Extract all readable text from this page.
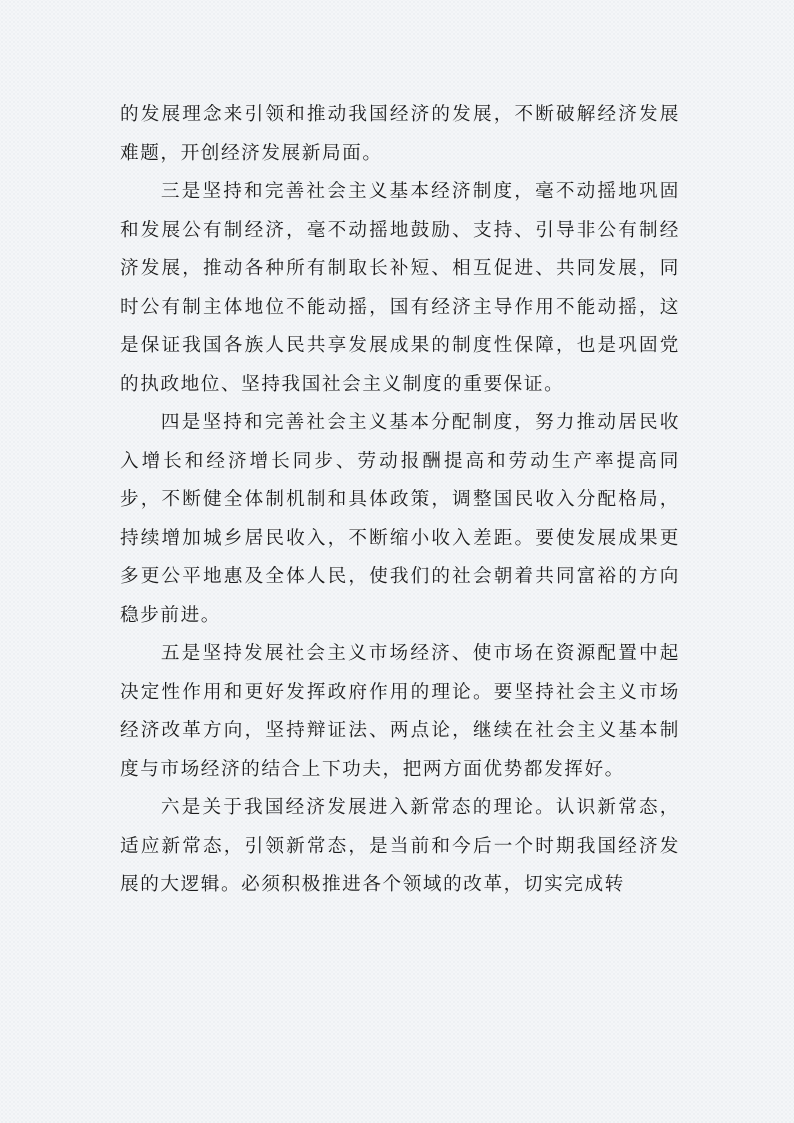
的发展理念来引领和推动我国经济的发展，不断破解经济发展难题，开创经济发展新局面。

三是坚持和完善社会主义基本经济制度，毫不动摇地巩固和发展公有制经济，毫不动摇地鼓励、支持、引导非公有制经济发展，推动各种所有制取长补短、相互促进、共同发展，同时公有制主体地位不能动摇，国有经济主导作用不能动摇，这是保证我国各族人民共享发展成果的制度性保障，也是巩固党的执政地位、坚持我国社会主义制度的重要保证。

四是坚持和完善社会主义基本分配制度，努力推动居民收入增长和经济增长同步、劳动报酬提高和劳动生产率提高同步，不断健全体制机制和具体政策，调整国民收入分配格局，持续增加城乡居民收入，不断缩小收入差距。要使发展成果更多更公平地惠及全体人民，使我们的社会朝着共同富裕的方向稳步前进。

五是坚持发展社会主义市场经济、使市场在资源配置中起决定性作用和更好发挥政府作用的理论。要坚持社会主义市场经济改革方向，坚持辩证法、两点论，继续在社会主义基本制度与市场经济的结合上下功夫，把两方面优势都发挥好。

六是关于我国经济发展进入新常态的理论。认识新常态，适应新常态，引领新常态，是当前和今后一个时期我国经济发展的大逻辑。必须积极推进各个领域的改革，切实完成转
